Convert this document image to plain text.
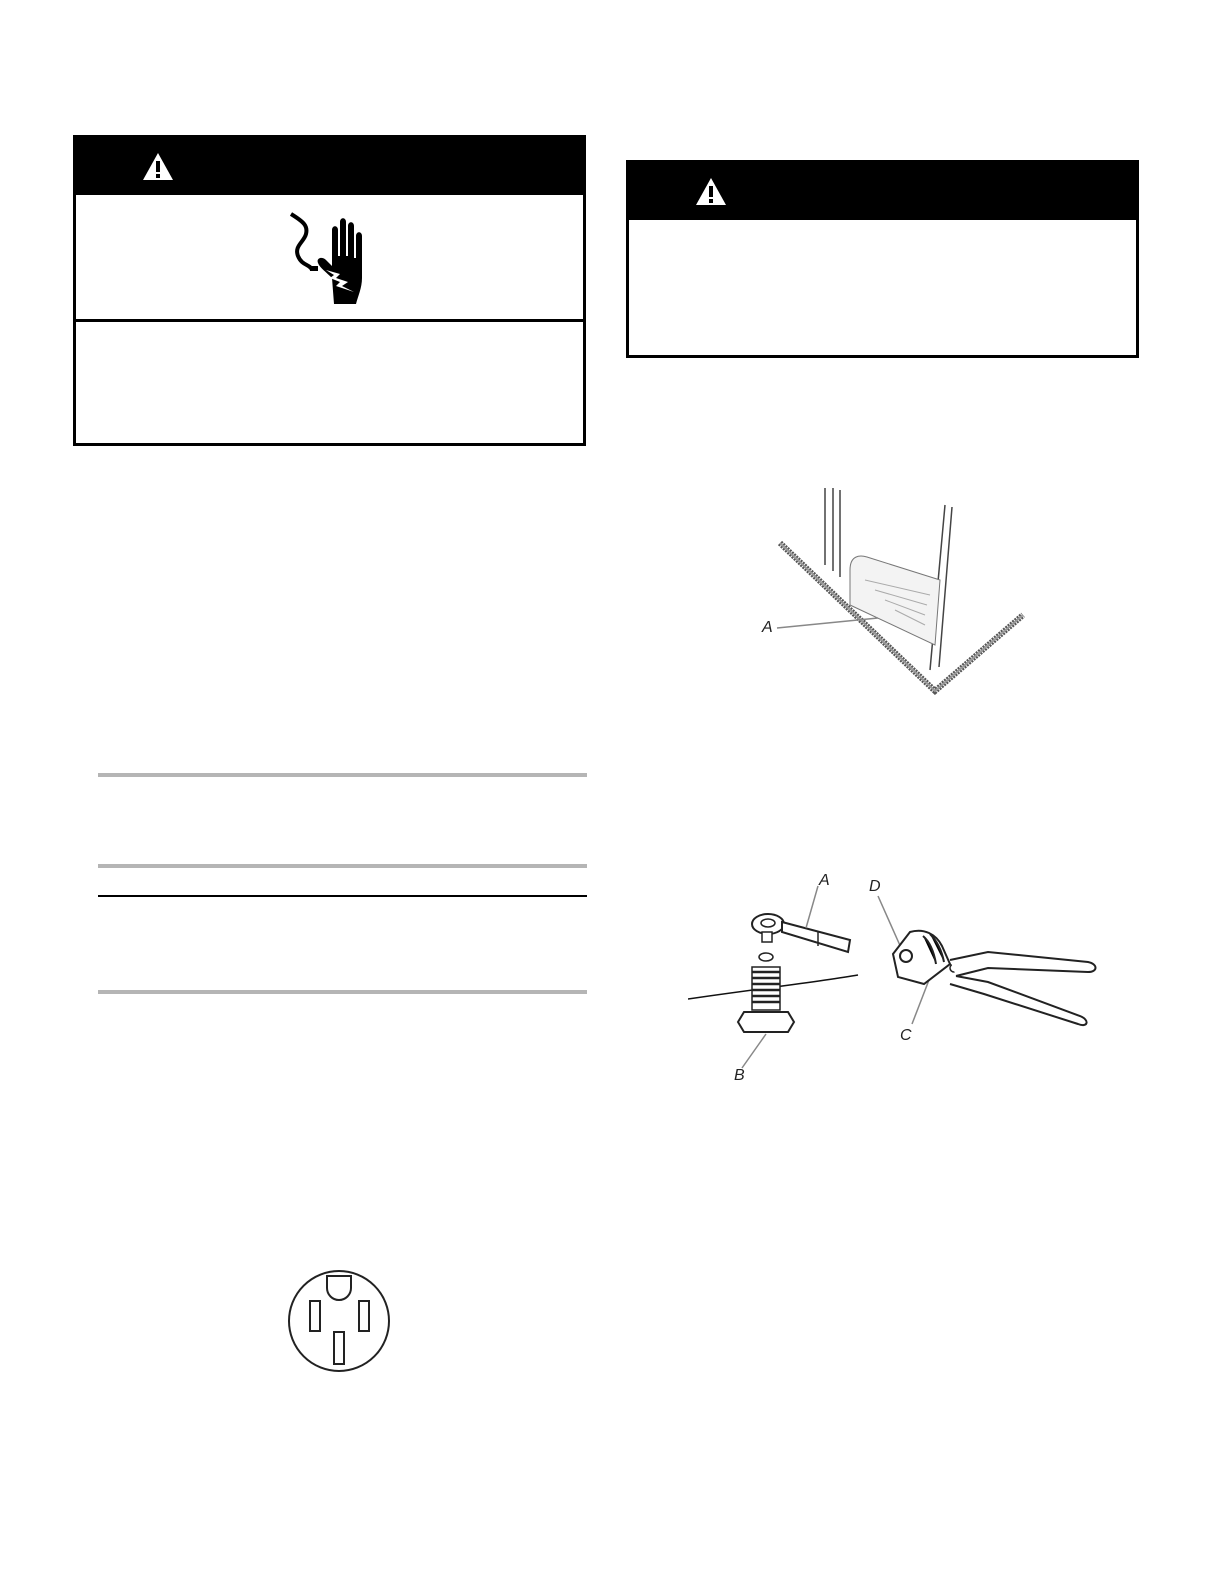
A
A D
C
B
